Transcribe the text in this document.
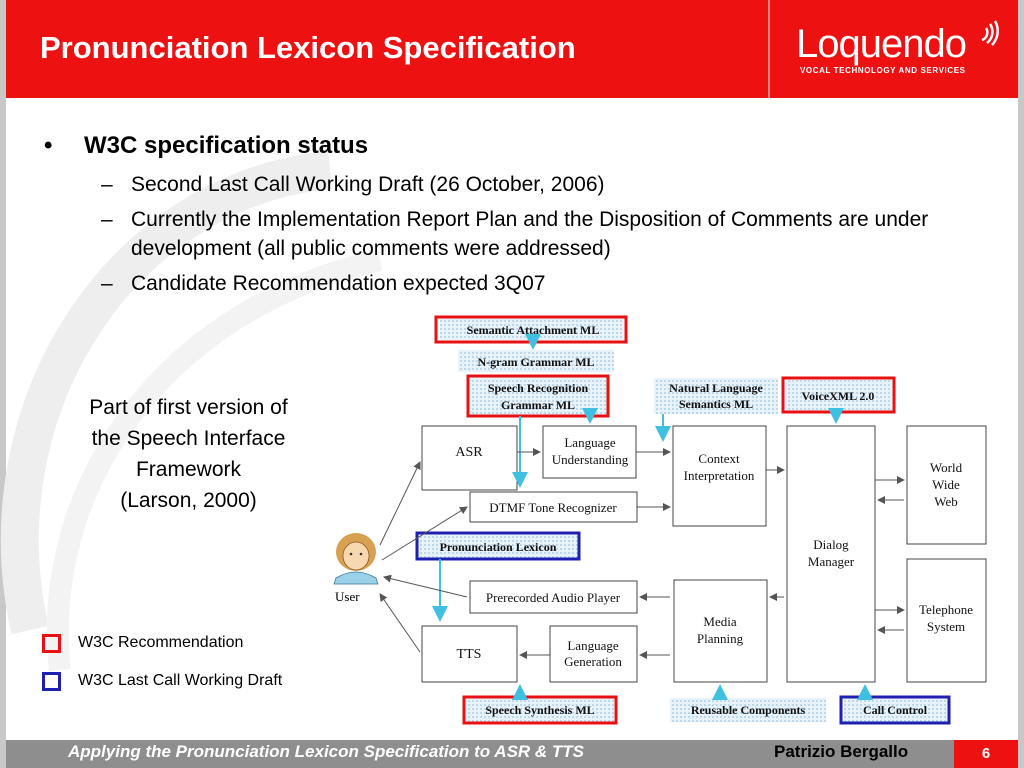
Pronunciation Lexicon Specification	Loquendo
VOCAL TECHNOLOGY AND SERVICES
• W3C specification status
– Second Last Call Working Draft (26 October, 2006)
– Currently the Implementation Report Plan and the Disposition of Comments are under development (all public comments were addressed)
– Candidate Recommendation expected 3Q07
Part of first version of
the Speech Interface
Framework
(Larson, 2000)
W3C Recommendation
W3C Last Call Working Draft
User
ASR
Language
Understanding	Context
Interpretation
DTMF Tone Recognizer
Prerecorded Audio Player
TTS
Language
Generation
Media
Planning
Dialog
Manager
World
Wide
Web
Telephone
System
Semantic Attachment ML
N-gram Grammar ML
Speech Recognition
Grammar ML
Natural Language
Semantics ML
VoiceXML 2.0
Pronunciation Lexicon
Speech Synthesis ML	Reusable Components	Call Control
Applying the Pronunciation Lexicon Specification to ASR & TTS	Patrizio Bergallo	6
